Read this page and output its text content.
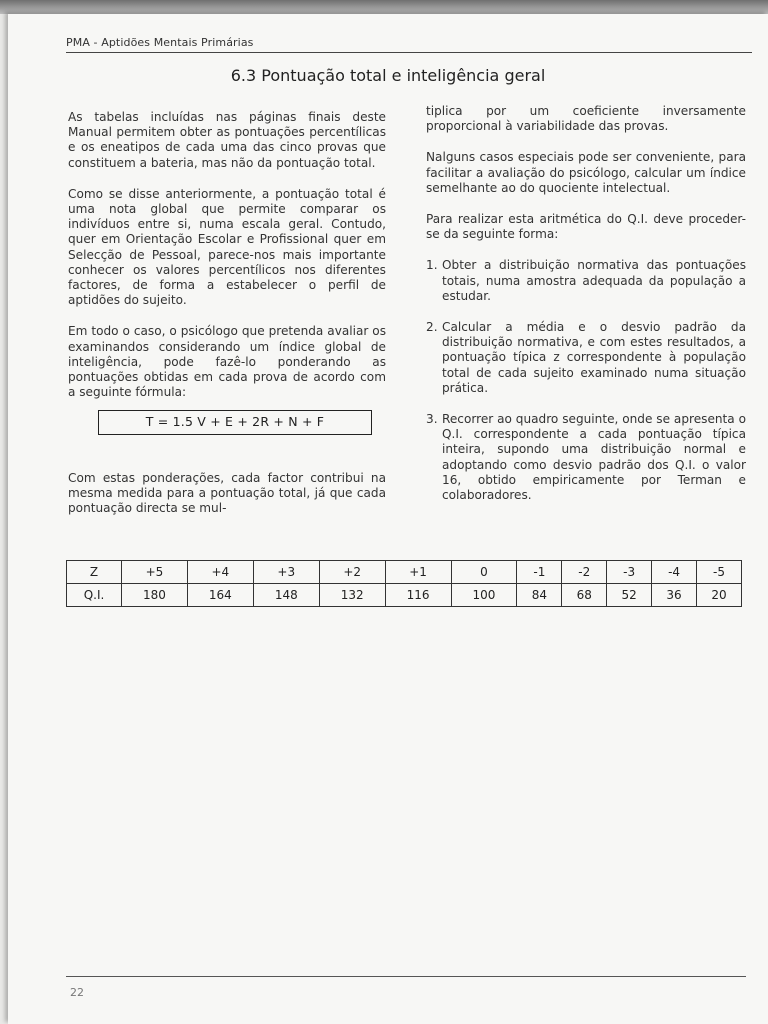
PMA - Aptidões Mentais Primárias
6.3 Pontuação total e inteligência geral

As tabelas incluídas nas páginas finais deste Manual permitem obter as pontuações percentílicas e os eneatipos de cada uma das cinco provas que constituem a bateria, mas não da pontuação total.

Como se disse anteriormente, a pontuação total é uma nota global que permite comparar os indivíduos entre si, numa escala geral. Contudo, quer em Orientação Escolar e Profissional quer em Selecção de Pessoal, parece-nos mais importante conhecer os valores percentílicos nos diferentes factores, de forma a estabelecer o perfil de aptidões do sujeito.

Em todo o caso, o psicólogo que pretenda avaliar os examinandos considerando um índice global de inteligência, pode fazê-lo ponderando as pontuações obtidas em cada prova de acordo com a seguinte fórmula:

T = 1.5 V + E + 2R + N + F

Com estas ponderações, cada factor contribui na mesma medida para a pontuação total, já que cada pontuação directa se mul-

tiplica por um coeficiente inversamente proporcional à variabilidade das provas.

Nalguns casos especiais pode ser conveniente, para facilitar a avaliação do psicólogo, calcular um índice semelhante ao do quociente intelectual.

Para realizar esta aritmética do Q.I. deve proceder-se da seguinte forma:

1. Obter a distribuição normativa das pontuações totais, numa amostra adequada da população a estudar.
2. Calcular a média e o desvio padrão da distribuição normativa, e com estes resultados, a pontuação típica z correspondente à população total de cada sujeito examinado numa situação prática.
3. Recorrer ao quadro seguinte, onde se apresenta o Q.I. correspondente a cada pontuação típica inteira, supondo uma distribuição normal e adoptando como desvio padrão dos Q.I. o valor 16, obtido empiricamente por Terman e colaboradores.
Z	+5	+4	+3	+2	+1	0	-1	-2	-3	-4	-5
Q.I.	180	164	148	132	116	100	84	68	52	36	20
22
